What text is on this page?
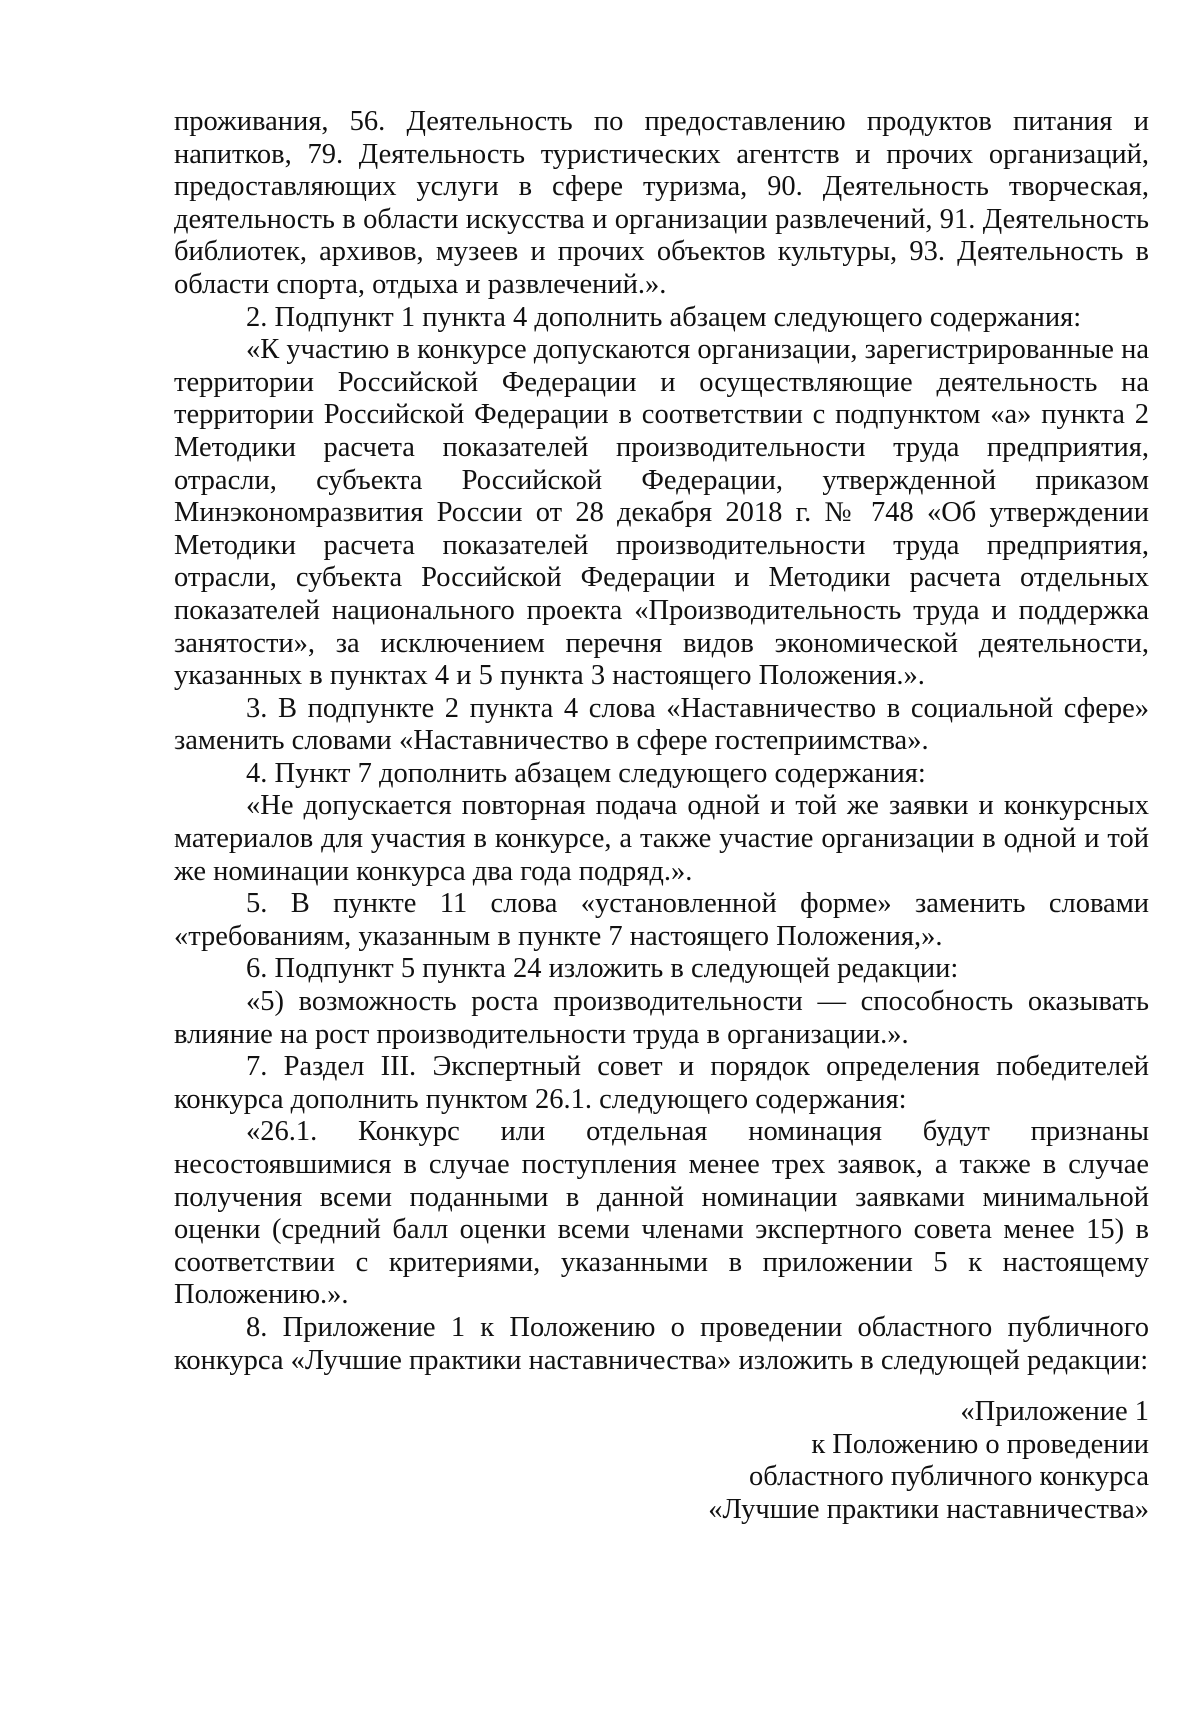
проживания, 56. Деятельность по предоставлению продуктов питания и напитков, 79. Деятельность туристических агентств и прочих организаций, предоставляющих услуги в сфере туризма, 90. Деятельность творческая, деятельность в области искусства и организации развлечений, 91. Деятельность библиотек, архивов, музеев и прочих объектов культуры, 93. Деятельность в области спорта, отдыха и развлечений.».

2. Подпункт 1 пункта 4 дополнить абзацем следующего содержания:

«К участию в конкурсе допускаются организации, зарегистрированные на территории Российской Федерации и осуществляющие деятельность на территории Российской Федерации в соответствии с подпунктом «а» пункта 2 Методики расчета показателей производительности труда предприятия, отрасли, субъекта Российской Федерации, утвержденной приказом Минэкономразвития России от 28 декабря 2018 г. № 748 «Об утверждении Методики расчета показателей производительности труда предприятия, отрасли, субъекта Российской Федерации и Методики расчета отдельных показателей национального проекта «Производительность труда и поддержка занятости», за исключением перечня видов экономической деятельности, указанных в пунктах 4 и 5 пункта 3 настоящего Положения.».

3. В подпункте 2 пункта 4 слова «Наставничество в социальной сфере» заменить словами «Наставничество в сфере гостеприимства».

4. Пункт 7 дополнить абзацем следующего содержания:

«Не допускается повторная подача одной и той же заявки и конкурсных материалов для участия в конкурсе, а также участие организации в одной и той же номинации конкурса два года подряд.».

5. В пункте 11 слова «установленной форме» заменить словами «требованиям, указанным в пункте 7 настоящего Положения,».

6. Подпункт 5 пункта 24 изложить в следующей редакции:

«5) возможность роста производительности — способность оказывать влияние на рост производительности труда в организации.».

7. Раздел III. Экспертный совет и порядок определения победителей конкурса дополнить пунктом 26.1. следующего содержания:

«26.1. Конкурс или отдельная номинация будут признаны несостоявшимися в случае поступления менее трех заявок, а также в случае получения всеми поданными в данной номинации заявками минимальной оценки (средний балл оценки всеми членами экспертного совета менее 15) в соответствии с критериями, указанными в приложении 5 к настоящему Положению.».

8. Приложение 1 к Положению о проведении областного публичного конкурса «Лучшие практики наставничества» изложить в следующей редакции:

«Приложение 1
к Положению о проведении
областного публичного конкурса
«Лучшие практики наставничества»
